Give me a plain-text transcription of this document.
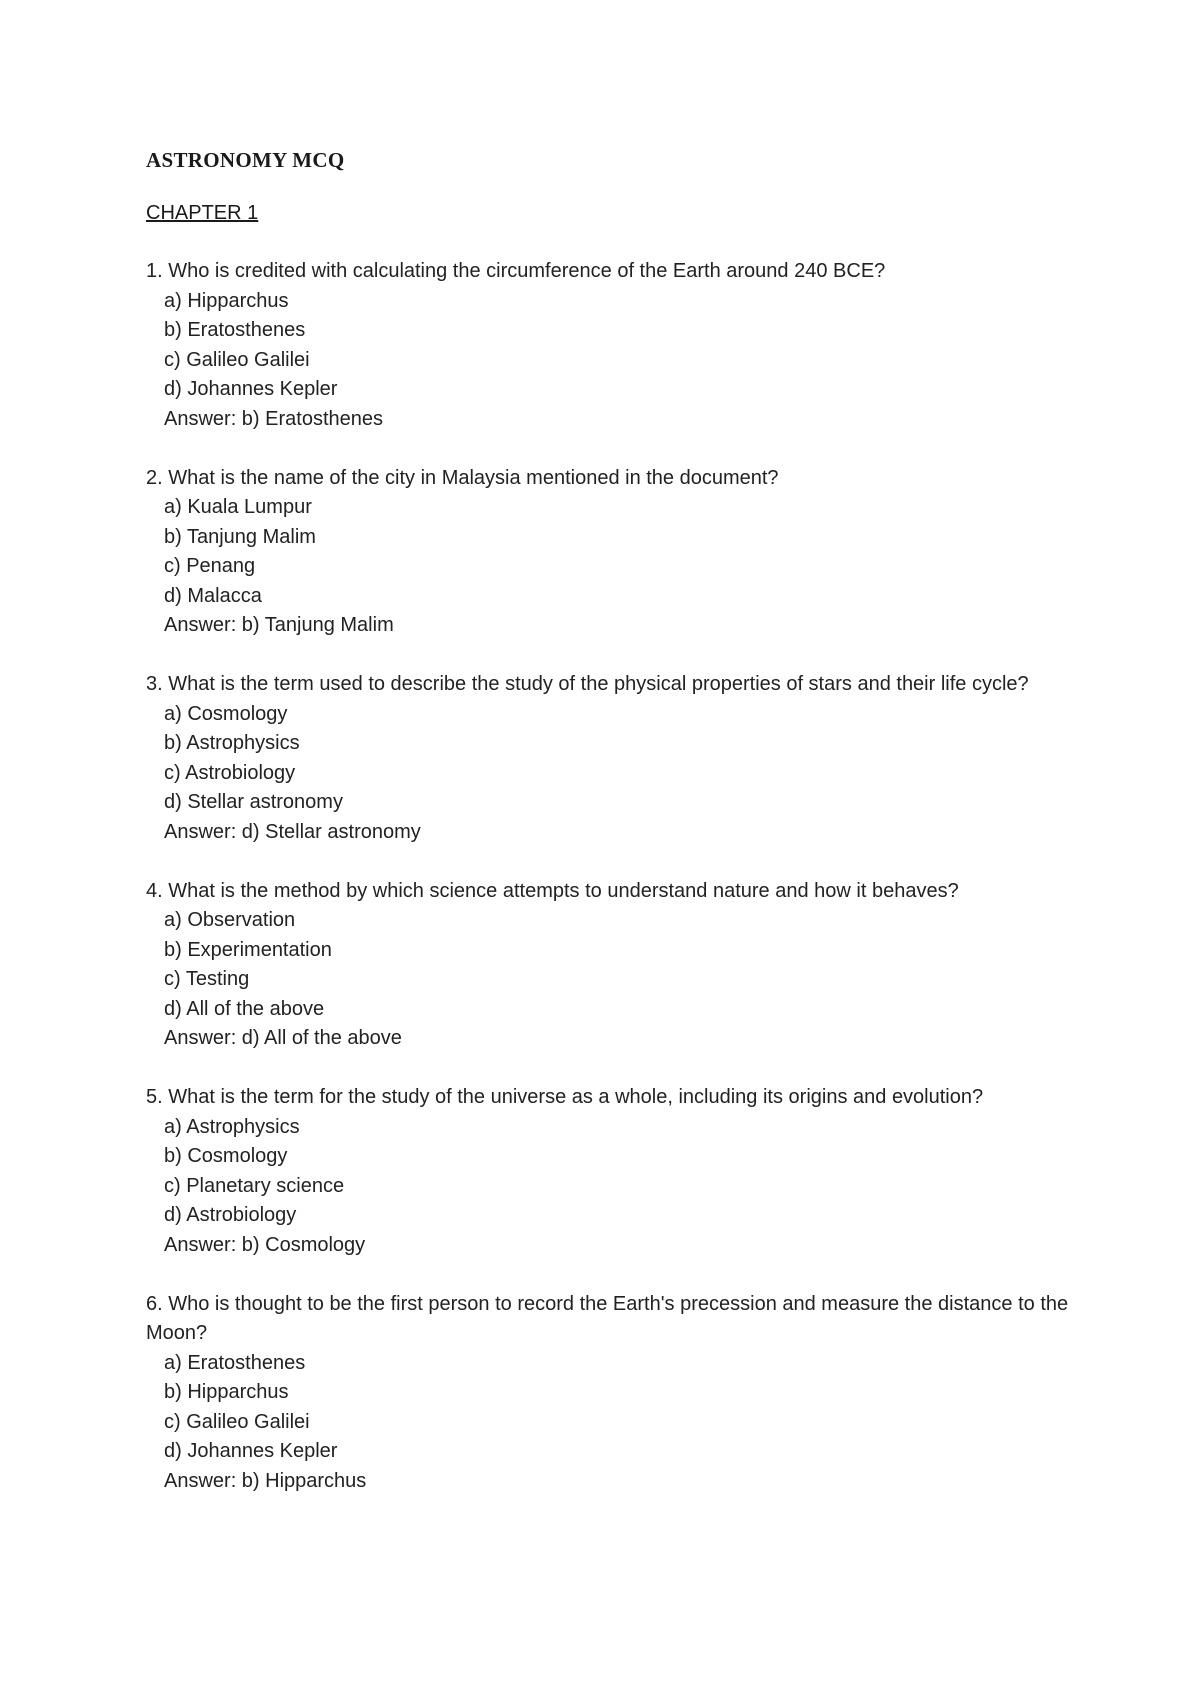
ASTRONOMY MCQ
CHAPTER 1
1. Who is credited with calculating the circumference of the Earth around 240 BCE?
a) Hipparchus
b) Eratosthenes
c) Galileo Galilei
d) Johannes Kepler
Answer: b) Eratosthenes
2. What is the name of the city in Malaysia mentioned in the document?
a) Kuala Lumpur
b) Tanjung Malim
c) Penang
d) Malacca
Answer: b) Tanjung Malim
3. What is the term used to describe the study of the physical properties of stars and their life cycle?
a) Cosmology
b) Astrophysics
c) Astrobiology
d) Stellar astronomy
Answer: d) Stellar astronomy
4. What is the method by which science attempts to understand nature and how it behaves?
a) Observation
b) Experimentation
c) Testing
d) All of the above
Answer: d) All of the above
5. What is the term for the study of the universe as a whole, including its origins and evolution?
a) Astrophysics
b) Cosmology
c) Planetary science
d) Astrobiology
Answer: b) Cosmology
6. Who is thought to be the first person to record the Earth's precession and measure the distance to the Moon?
a) Eratosthenes
b) Hipparchus
c) Galileo Galilei
d) Johannes Kepler
Answer: b) Hipparchus
